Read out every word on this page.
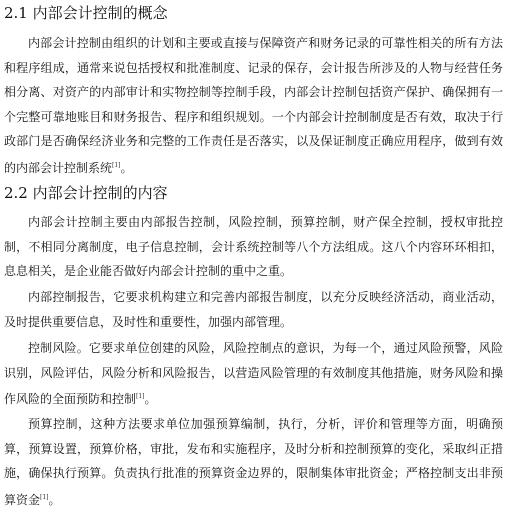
2.1 内部会计控制的概念
内部会计控制由组织的计划和主要或直接与保障资产和财务记录的可靠性相关的所有方法和程序组成，通常来说包括授权和批准制度、记录的保存，会计报告所涉及的人物与经营任务相分离、对资产的内部审计和实物控制等控制手段，内部会计控制包括资产保护、确保拥有一个完整可靠地账目和财务报告、程序和组织规划。一个内部会计控制制度是否有效，取决于行政部门是否确保经济业务和完整的工作责任是否落实，以及保证制度正确应用程序，做到有效的内部会计控制系统[1]。
2.2 内部会计控制的内容
内部会计控制主要由内部报告控制，风险控制，预算控制，财产保全控制，授权审批控制，不相同分离制度，电子信息控制，会计系统控制等八个方法组成。这八个内容环环相扣，息息相关，是企业能否做好内部会计控制的重中之重。
内部控制报告，它要求机构建立和完善内部报告制度，以充分反映经济活动，商业活动，及时提供重要信息，及时性和重要性，加强内部管理。
控制风险。它要求单位创建的风险，风险控制点的意识，为每一个，通过风险预警，风险识别，风险评估，风险分析和风险报告，以营造风险管理的有效制度其他措施，财务风险和操作风险的全面预防和控制[1]。
预算控制，这种方法要求单位加强预算编制，执行，分析，评价和管理等方面，明确预算，预算设置，预算价格，审批，发布和实施程序，及时分析和控制预算的变化，采取纠正措施，确保执行预算。负责执行批准的预算资金边界的，限制集体审批资金；严格控制支出非预算资金[1]。
